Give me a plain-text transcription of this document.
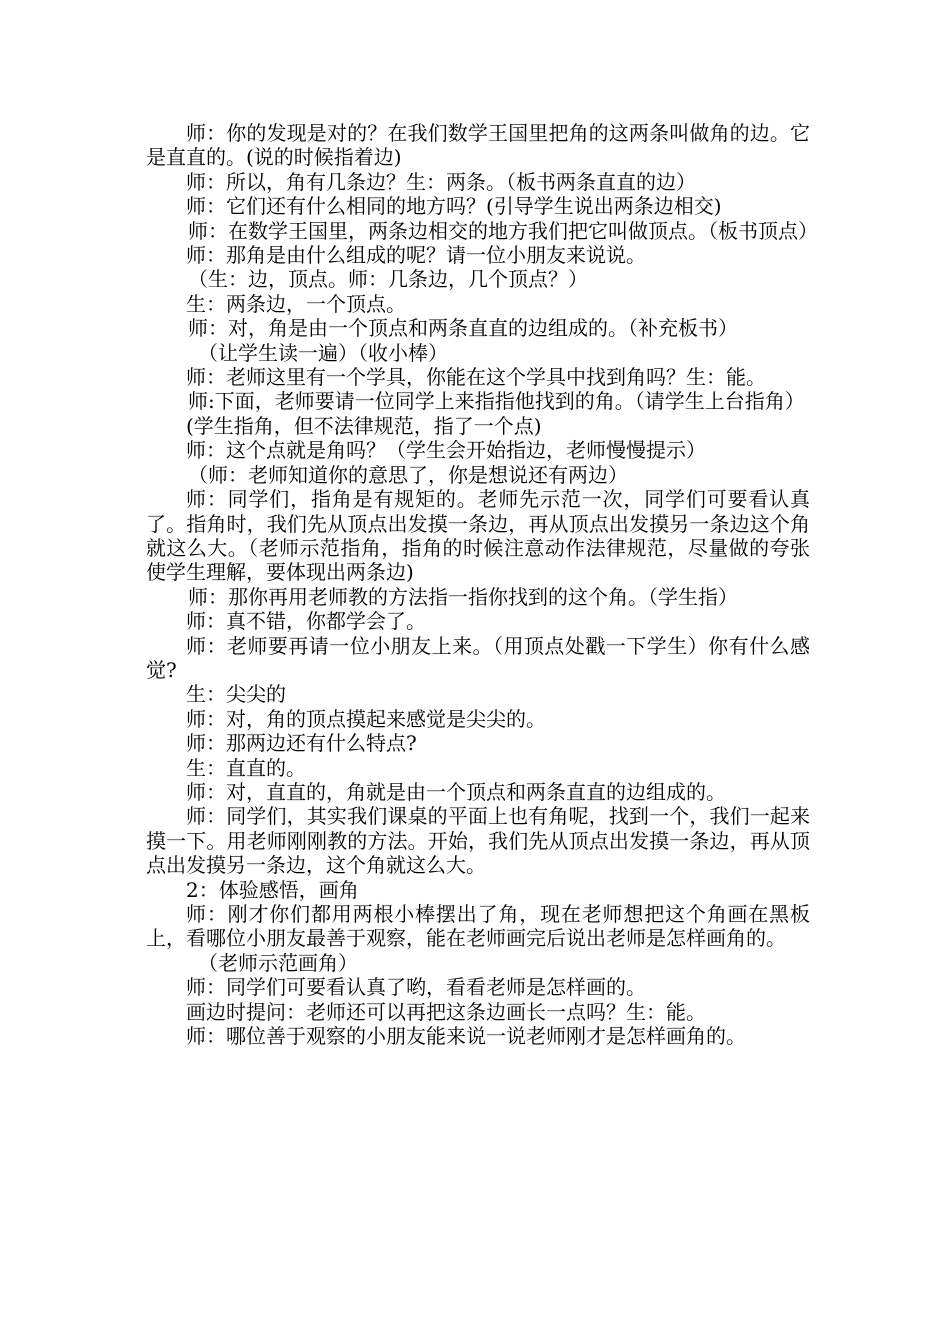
师：你的发现是对的？在我们数学王国里把角的这两条叫做角的边。它是直直的。(说的时候指着边)

师：所以，角有几条边？生：两条。（板书两条直直的边）

师：它们还有什么相同的地方吗？(引导学生说出两条边相交)

师：在数学王国里，两条边相交的地方我们把它叫做顶点。（板书顶点）

师：那角是由什么组成的呢？请一位小朋友来说说。

（生：边，顶点。师：几条边，几个顶点？）

生：两条边，一个顶点。

师：对，角是由一个顶点和两条直直的边组成的。（补充板书）

（让学生读一遍）（收小棒）

师：老师这里有一个学具，你能在这个学具中找到角吗？生：能。

师:下面，老师要请一位同学上来指指他找到的角。（请学生上台指角）

(学生指角，但不法律规范，指了一个点)

师：这个点就是角吗？（学生会开始指边，老师慢慢提示）

（师：老师知道你的意思了，你是想说还有两边）

师：同学们，指角是有规矩的。老师先示范一次，同学们可要看认真了。指角时，我们先从顶点出发摸一条边，再从顶点出发摸另一条边这个角就这么大。（老师示范指角，指角的时候注意动作法律规范，尽量做的夸张使学生理解，要体现出两条边)

师：那你再用老师教的方法指一指你找到的这个角。（学生指）

师：真不错，你都学会了。

师：老师要再请一位小朋友上来。（用顶点处戳一下学生）你有什么感觉?

生：尖尖的

师：对，角的顶点摸起来感觉是尖尖的。

师：那两边还有什么特点?

生：直直的。

师：对，直直的，角就是由一个顶点和两条直直的边组成的。

师：同学们，其实我们课桌的平面上也有角呢，找到一个，我们一起来摸一下。用老师刚刚教的方法。开始，我们先从顶点出发摸一条边，再从顶点出发摸另一条边，这个角就这么大。

2：体验感悟，画角

师：刚才你们都用两根小棒摆出了角，现在老师想把这个角画在黑板上，看哪位小朋友最善于观察，能在老师画完后说出老师是怎样画角的。

（老师示范画角）

师：同学们可要看认真了哟，看看老师是怎样画的。

画边时提问：老师还可以再把这条边画长一点吗？生：能。

师：哪位善于观察的小朋友能来说一说老师刚才是怎样画角的。
